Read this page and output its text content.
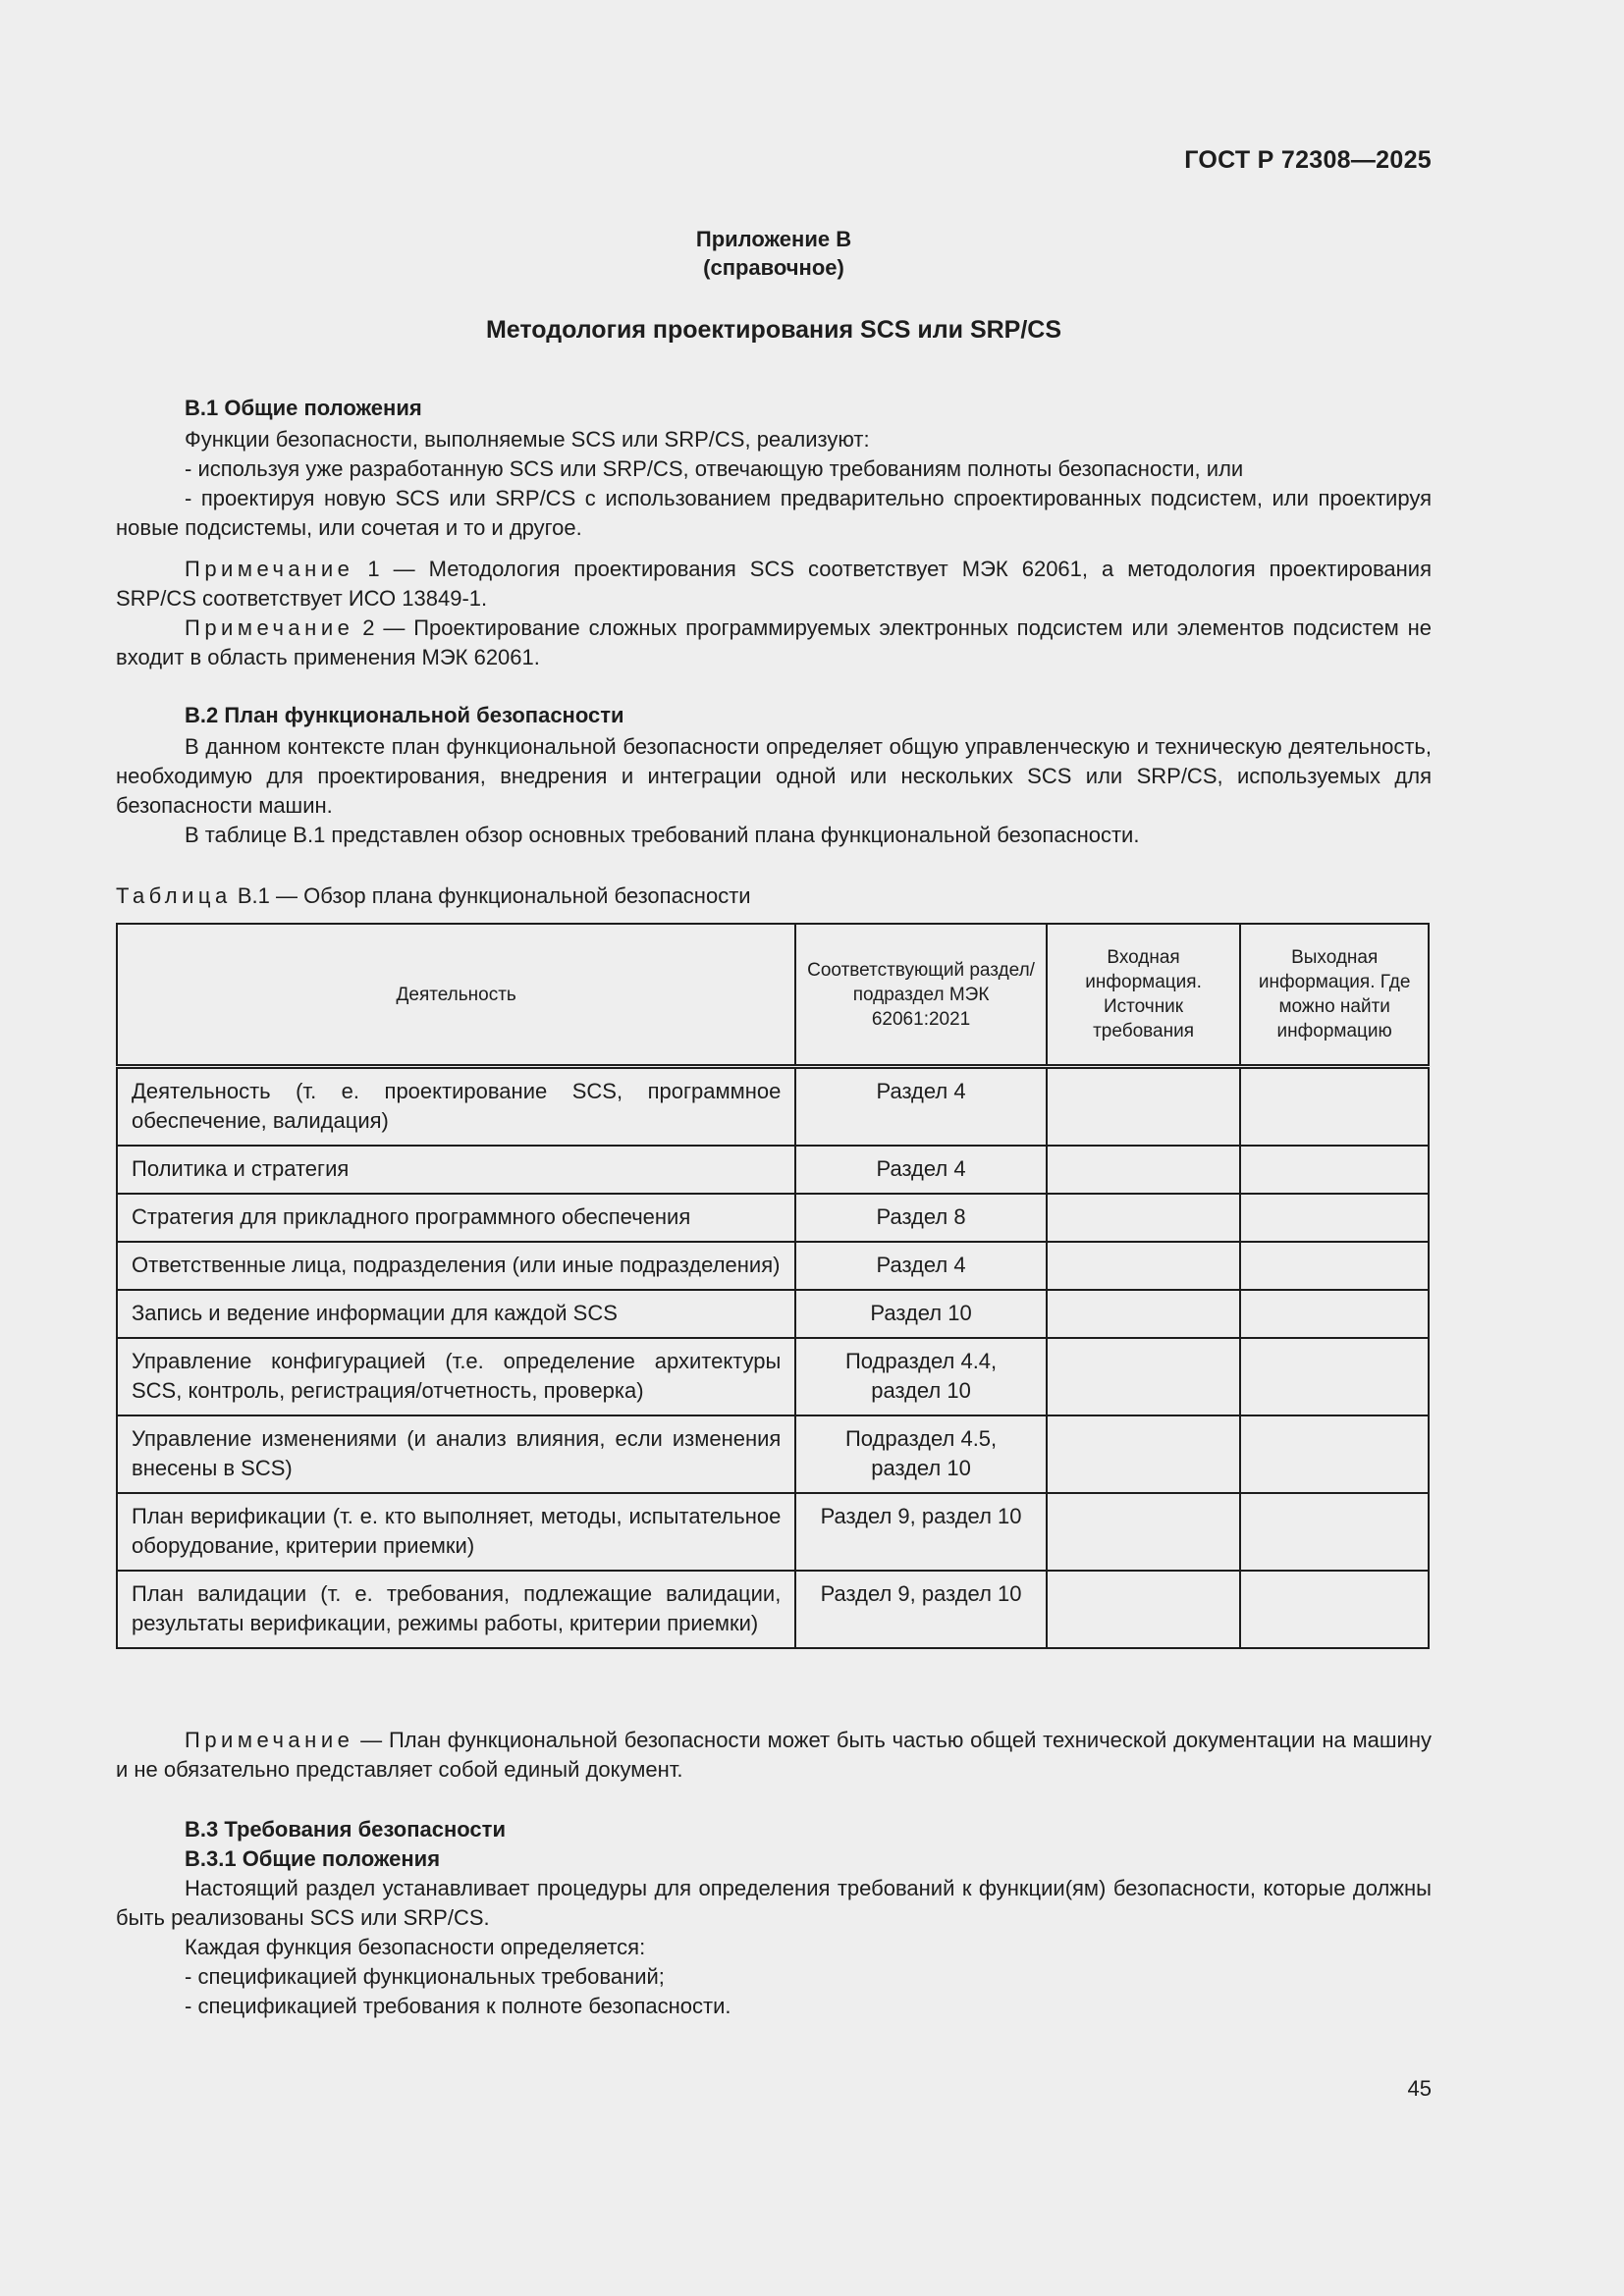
ГОСТ Р 72308—2025
Приложение В
(справочное)
Методология проектирования SCS или SRP/CS
В.1 Общие положения

Функции безопасности, выполняемые SCS или SRP/CS, реализуют:

- используя уже разработанную SCS или SRP/CS, отвечающую требованиям полноты безопасности, или

- проектируя новую SCS или SRP/CS с использованием предварительно спроектированных подсистем, или проектируя новые подсистемы, или сочетая и то и другое.

Примечание 1 — Методология проектирования SCS соответствует МЭК 62061, а методология проектирования SRP/CS соответствует ИСО 13849-1.

Примечание 2 — Проектирование сложных программируемых электронных подсистем или элементов подсистем не входит в область применения МЭК 62061.

В.2 План функциональной безопасности

В данном контексте план функциональной безопасности определяет общую управленческую и техническую деятельность, необходимую для проектирования, внедрения и интеграции одной или нескольких SCS или SRP/CS, используемых для безопасности машин.

В таблице В.1 представлен обзор основных требований плана функциональной безопасности.

Таблица В.1 — Обзор плана функциональной безопасности
Деятельность	Соответствующий раздел/подраздел МЭК 62061:2021	Входная информация. Источник требования	Выходная информация. Где можно найти информацию
Деятельность (т. е. проектирование SCS, программное обеспечение, валидация)	Раздел 4		
Политика и стратегия	Раздел 4		
Стратегия для прикладного программного обеспечения	Раздел 8		
Ответственные лица, подразделения (или иные подразделения)	Раздел 4		
Запись и ведение информации для каждой SCS	Раздел 10		
Управление конфигурацией (т.е. определение архитектуры SCS, контроль, регистрация/отчетность, проверка)	Подраздел 4.4, раздел 10		
Управление изменениями (и анализ влияния, если изменения внесены в SCS)	Подраздел 4.5, раздел 10		
План верификации (т. е. кто выполняет, методы, испытательное оборудование, критерии приемки)	Раздел 9, раздел 10		
План валидации (т. е. требования, подлежащие валидации, результаты верификации, режимы работы, критерии приемки)	Раздел 9, раздел 10		

Примечание — План функциональной безопасности может быть частью общей технической документации на машину и не обязательно представляет собой единый документ.

В.3 Требования безопасности
В.3.1 Общие положения

Настоящий раздел устанавливает процедуры для определения требований к функции(ям) безопасности, которые должны быть реализованы SCS или SRP/CS.

Каждая функция безопасности определяется:

- спецификацией функциональных требований;

- спецификацией требования к полноте безопасности.

45
